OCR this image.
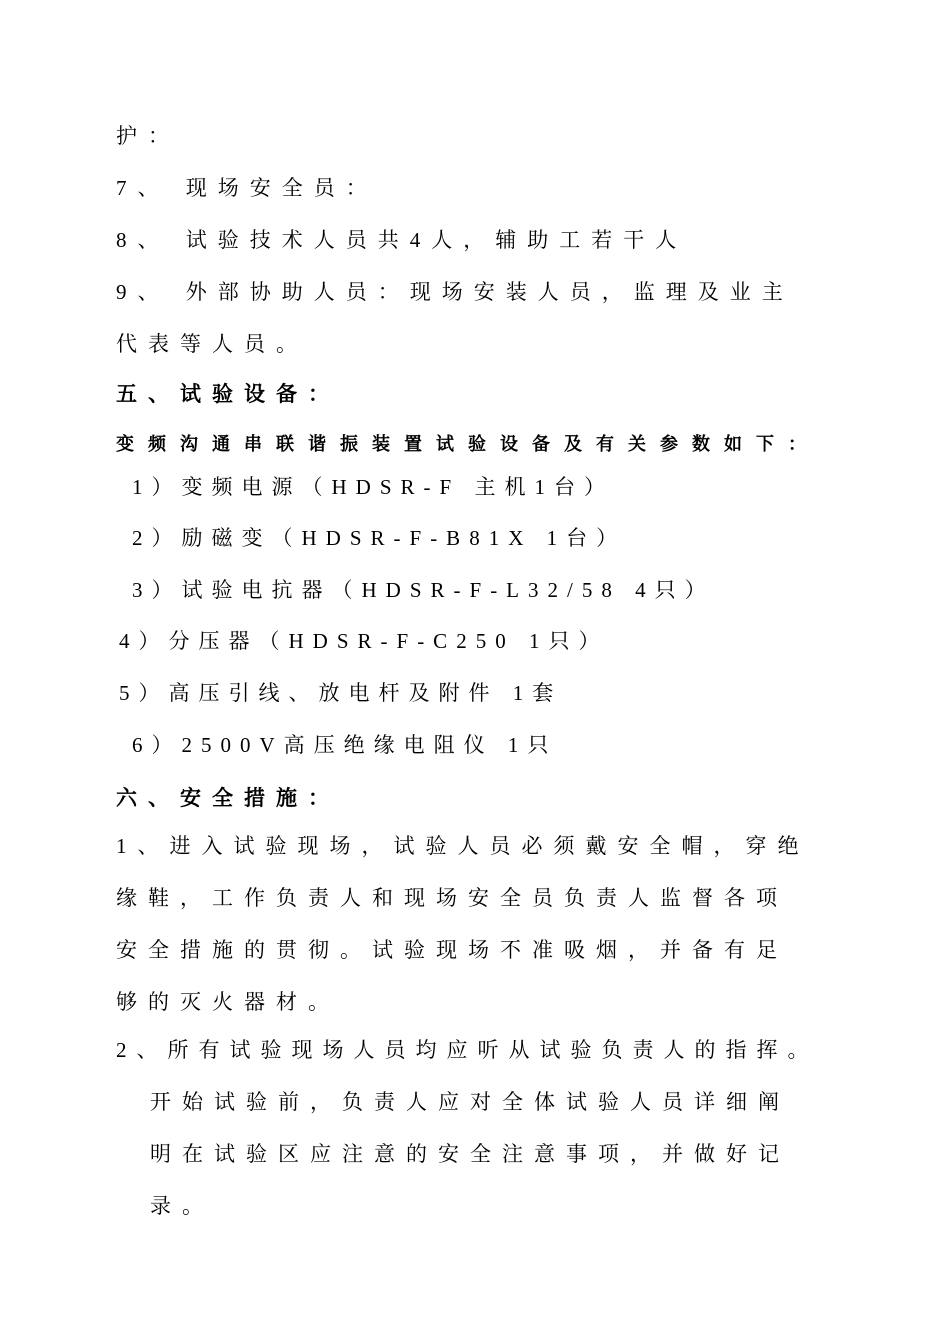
护：
7、 现场安全员：
8、 试验技术人员共4人，辅助工若干人
9、 外部协助人员：现场安装人员，监理及业主
代表等人员。
五、试验设备：
变频沟通串联谐振装置试验设备及有关参数如下：
1）变频电源（HDSR-F 主机1台）
2）励磁变（HDSR-F-B81X 1台）
3）试验电抗器（HDSR-F-L32/58 4只）
4）分压器（HDSR-F-C250 1只）
5）高压引线、放电杆及附件 1套
6）2500V高压绝缘电阻仪 1只
六、安全措施：
1、进入试验现场，试验人员必须戴安全帽，穿绝
缘鞋，工作负责人和现场安全员负责人监督各项
安全措施的贯彻。试验现场不准吸烟，并备有足
够的灭火器材。
2、所有试验现场人员均应听从试验负责人的指挥。
开始试验前，负责人应对全体试验人员详细阐
明在试验区应注意的安全注意事项，并做好记
录。
